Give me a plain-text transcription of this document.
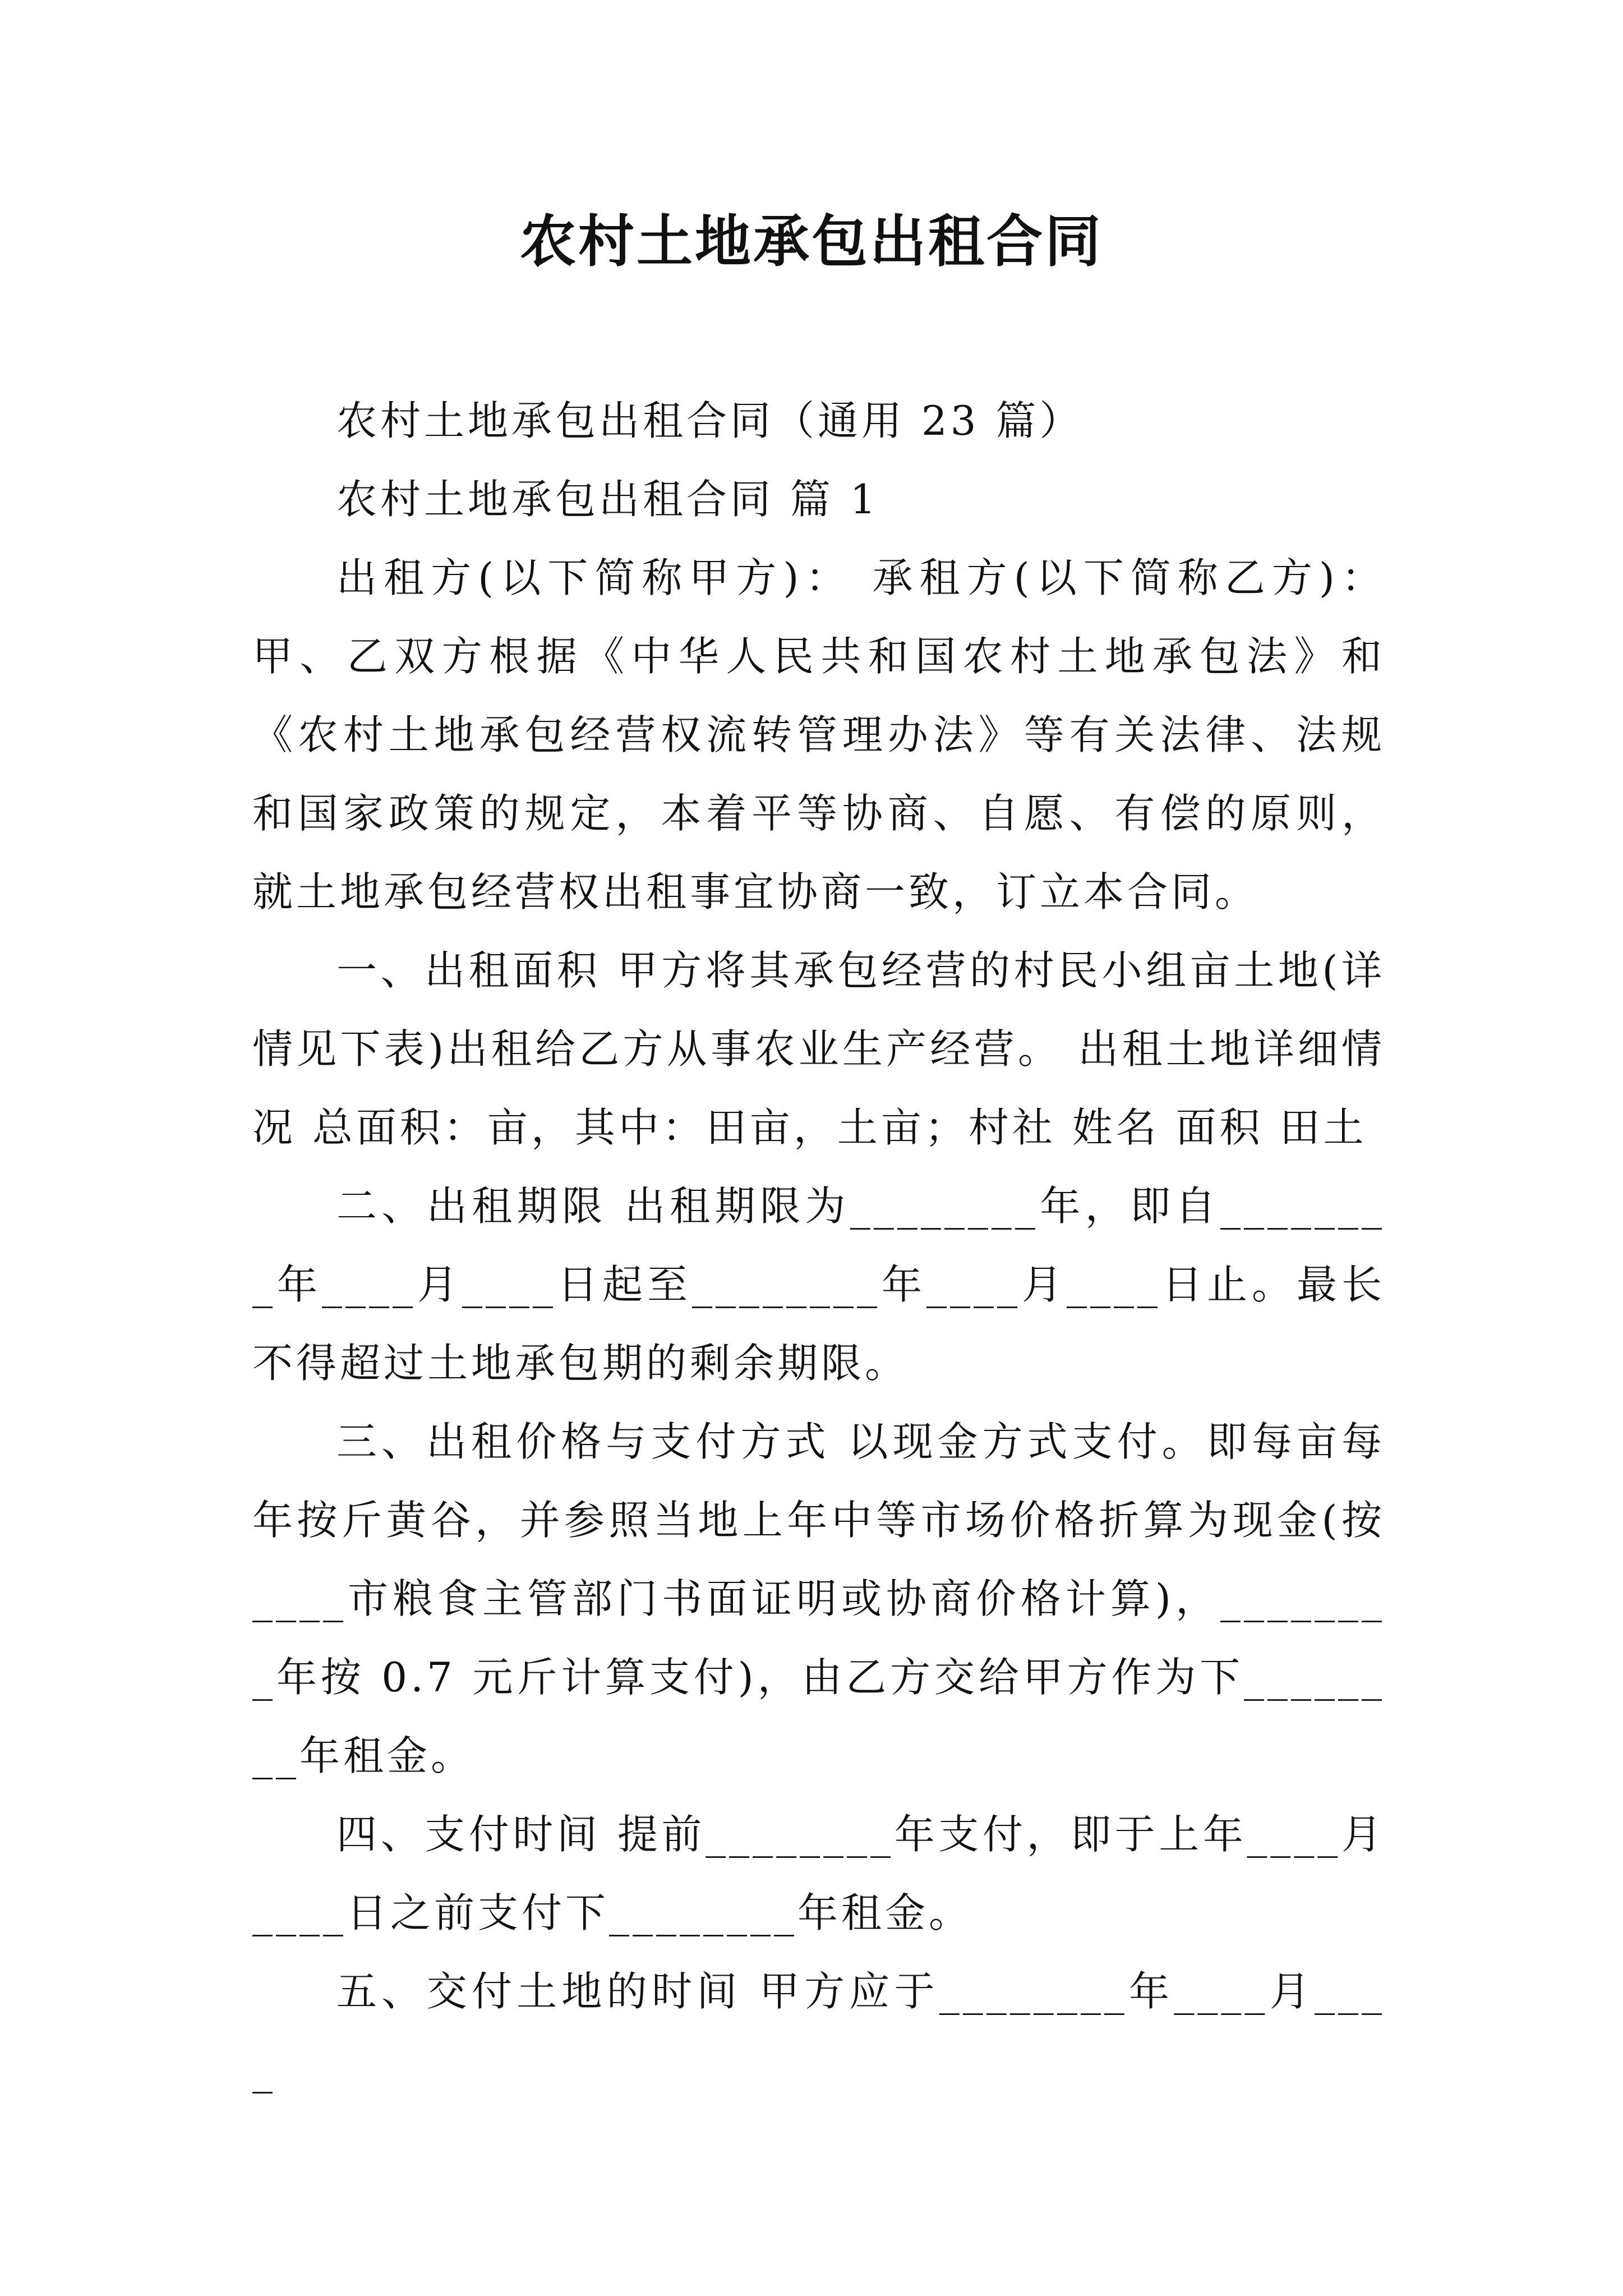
农村土地承包出租合同

农村土地承包出租合同（通用 23 篇）

农村土地承包出租合同 篇 1

出租方(以下简称甲方)： 承租方(以下简称乙方)： 甲、乙双方根据《中华人民共和国农村土地承包法》和《农村土地承包经营权流转管理办法》等有关法律、法规和国家政策的规定，本着平等协商、自愿、有偿的原则，就土地承包经营权出租事宜协商一致，订立本合同。

一、出租面积 甲方将其承包经营的村民小组亩土地(详情见下表)出租给乙方从事农业生产经营。 出租土地详细情况 总面积：亩，其中：田亩，土亩；村社 姓名 面积 田土

二、出租期限 出租期限为________年，即自________年____月____日起至________年____月____日止。最长不得超过土地承包期的剩余期限。

三、出租价格与支付方式 以现金方式支付。即每亩每年按斤黄谷，并参照当地上年中等市场价格折算为现金(按____市粮食主管部门书面证明或协商价格计算)，________年按 0.7 元斤计算支付)，由乙方交给甲方作为下________年租金。

四、支付时间 提前________年支付，即于上年____月____日之前支付下________年租金。

五、交付土地的时间 甲方应于________年____月____
